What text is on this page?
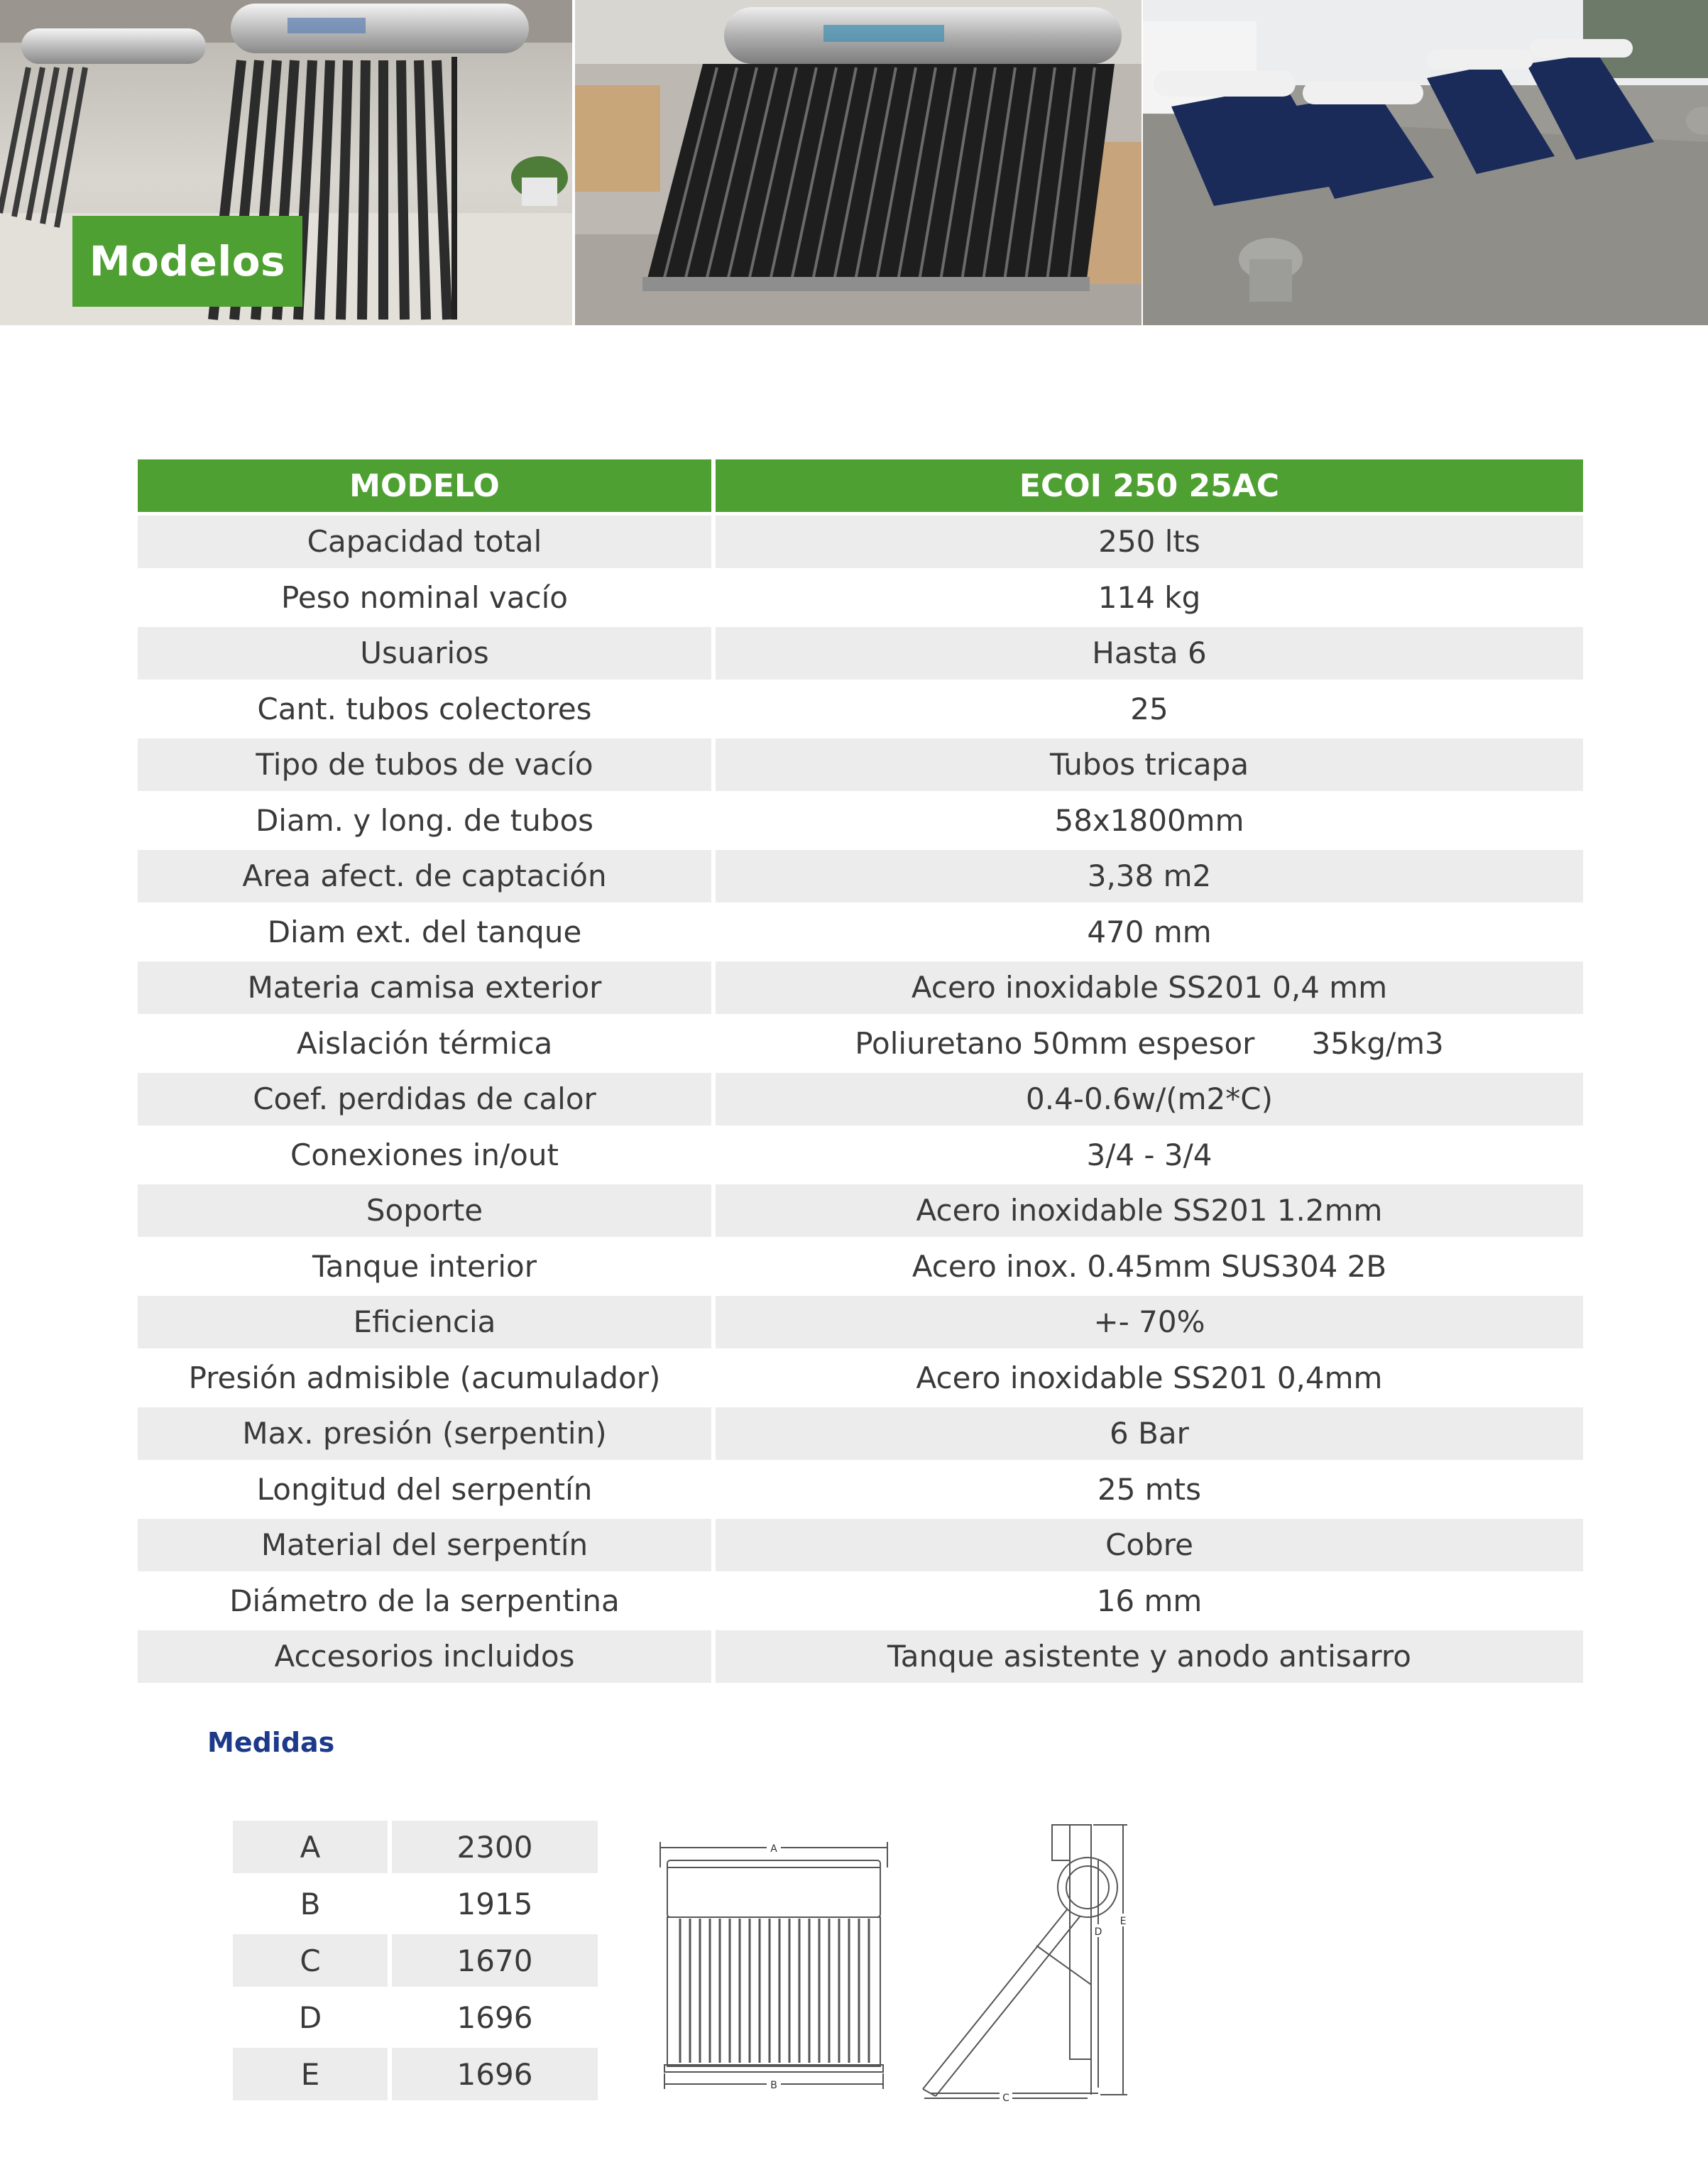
Modelos
MODELO	ECOI 250 25AC
Capacidad total	250 lts
Peso nominal vacío	114 kg
Usuarios	Hasta 6
Cant. tubos colectores	25
Tipo de tubos de vacío	Tubos tricapa
Diam. y long. de tubos	58x1800mm
Area afect. de captación	3,38 m2
Diam ext. del tanque	470 mm
Materia camisa exterior	Acero inoxidable SS201 0,4 mm
Aislación térmica	Poliuretano 50mm espesor      35kg/m3
Coef. perdidas de calor	0.4-0.6w/(m2*C)
Conexiones in/out	3/4 - 3/4
Soporte	Acero inoxidable SS201 1.2mm
Tanque interior	Acero inox. 0.45mm SUS304 2B
Eficiencia	+- 70%
Presión admisible (acumulador)	Acero inoxidable SS201 0,4mm
Max. presión (serpentin)	6 Bar
Longitud del serpentín	25 mts
Material del serpentín	Cobre
Diámetro de la serpentina	16 mm
Accesorios incluidos	Tanque asistente y anodo antisarro
Medidas
A	2300
B	1915
C	1670
D	1696
E	1696
A
B
D
E
C
